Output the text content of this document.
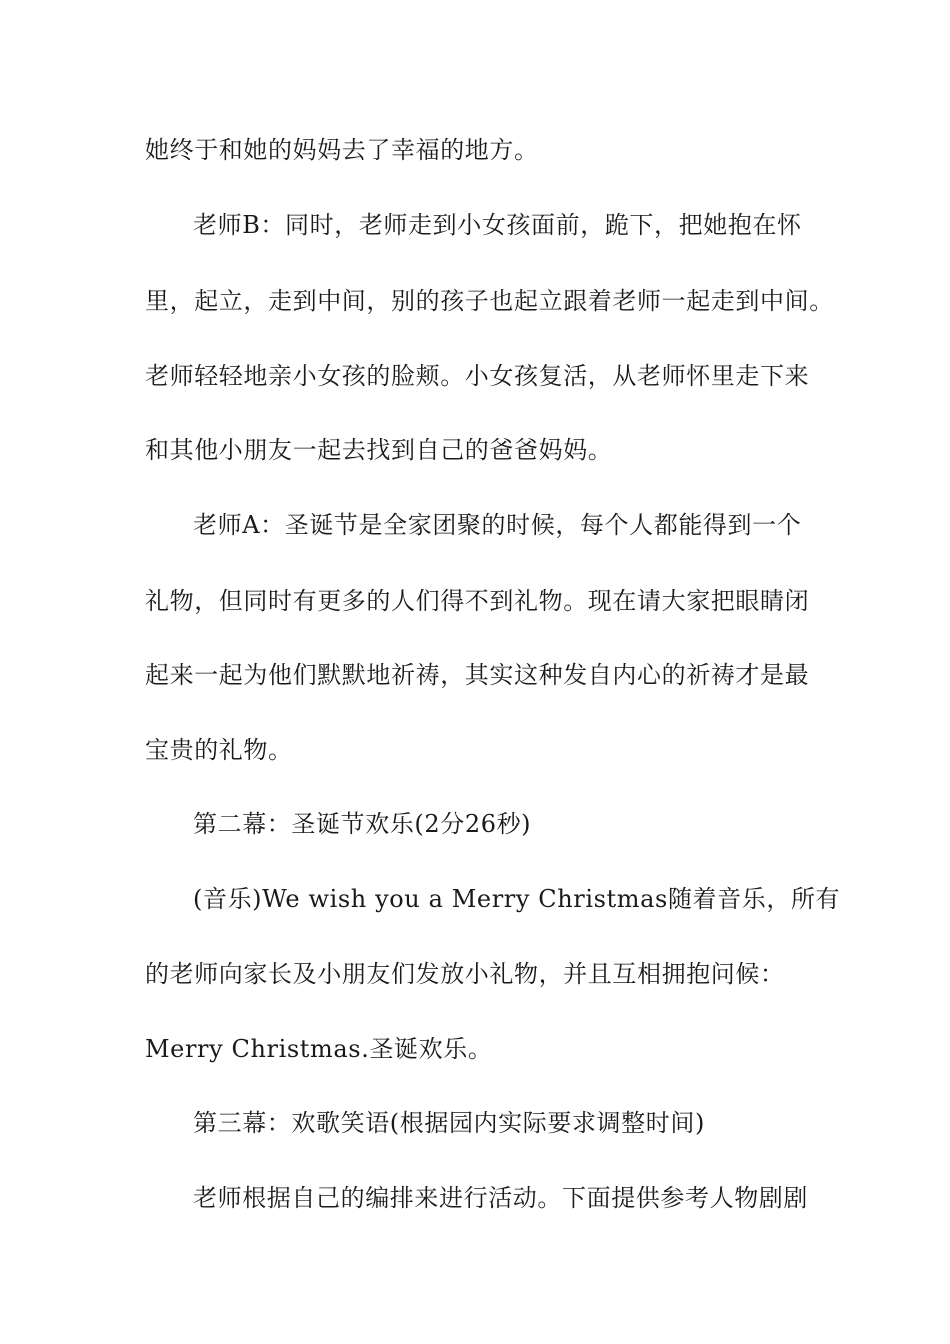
她终于和她的妈妈去了幸福的地方。
老师B：同时，老师走到小女孩面前，跪下，把她抱在怀
里，起立，走到中间，别的孩子也起立跟着老师一起走到中间。
老师轻轻地亲小女孩的脸颊。小女孩复活，从老师怀里走下来
和其他小朋友一起去找到自己的爸爸妈妈。
老师A：圣诞节是全家团聚的时候，每个人都能得到一个
礼物，但同时有更多的人们得不到礼物。现在请大家把眼睛闭
起来一起为他们默默地祈祷，其实这种发自内心的祈祷才是最
宝贵的礼物。
第二幕：圣诞节欢乐(2分26秒)
(音乐)We wish you a Merry Christmas随着音乐，所有
的老师向家长及小朋友们发放小礼物，并且互相拥抱问候：
Merry Christmas.圣诞欢乐。
第三幕：欢歌笑语(根据园内实际要求调整时间)
老师根据自己的编排来进行活动。下面提供参考人物剧剧
